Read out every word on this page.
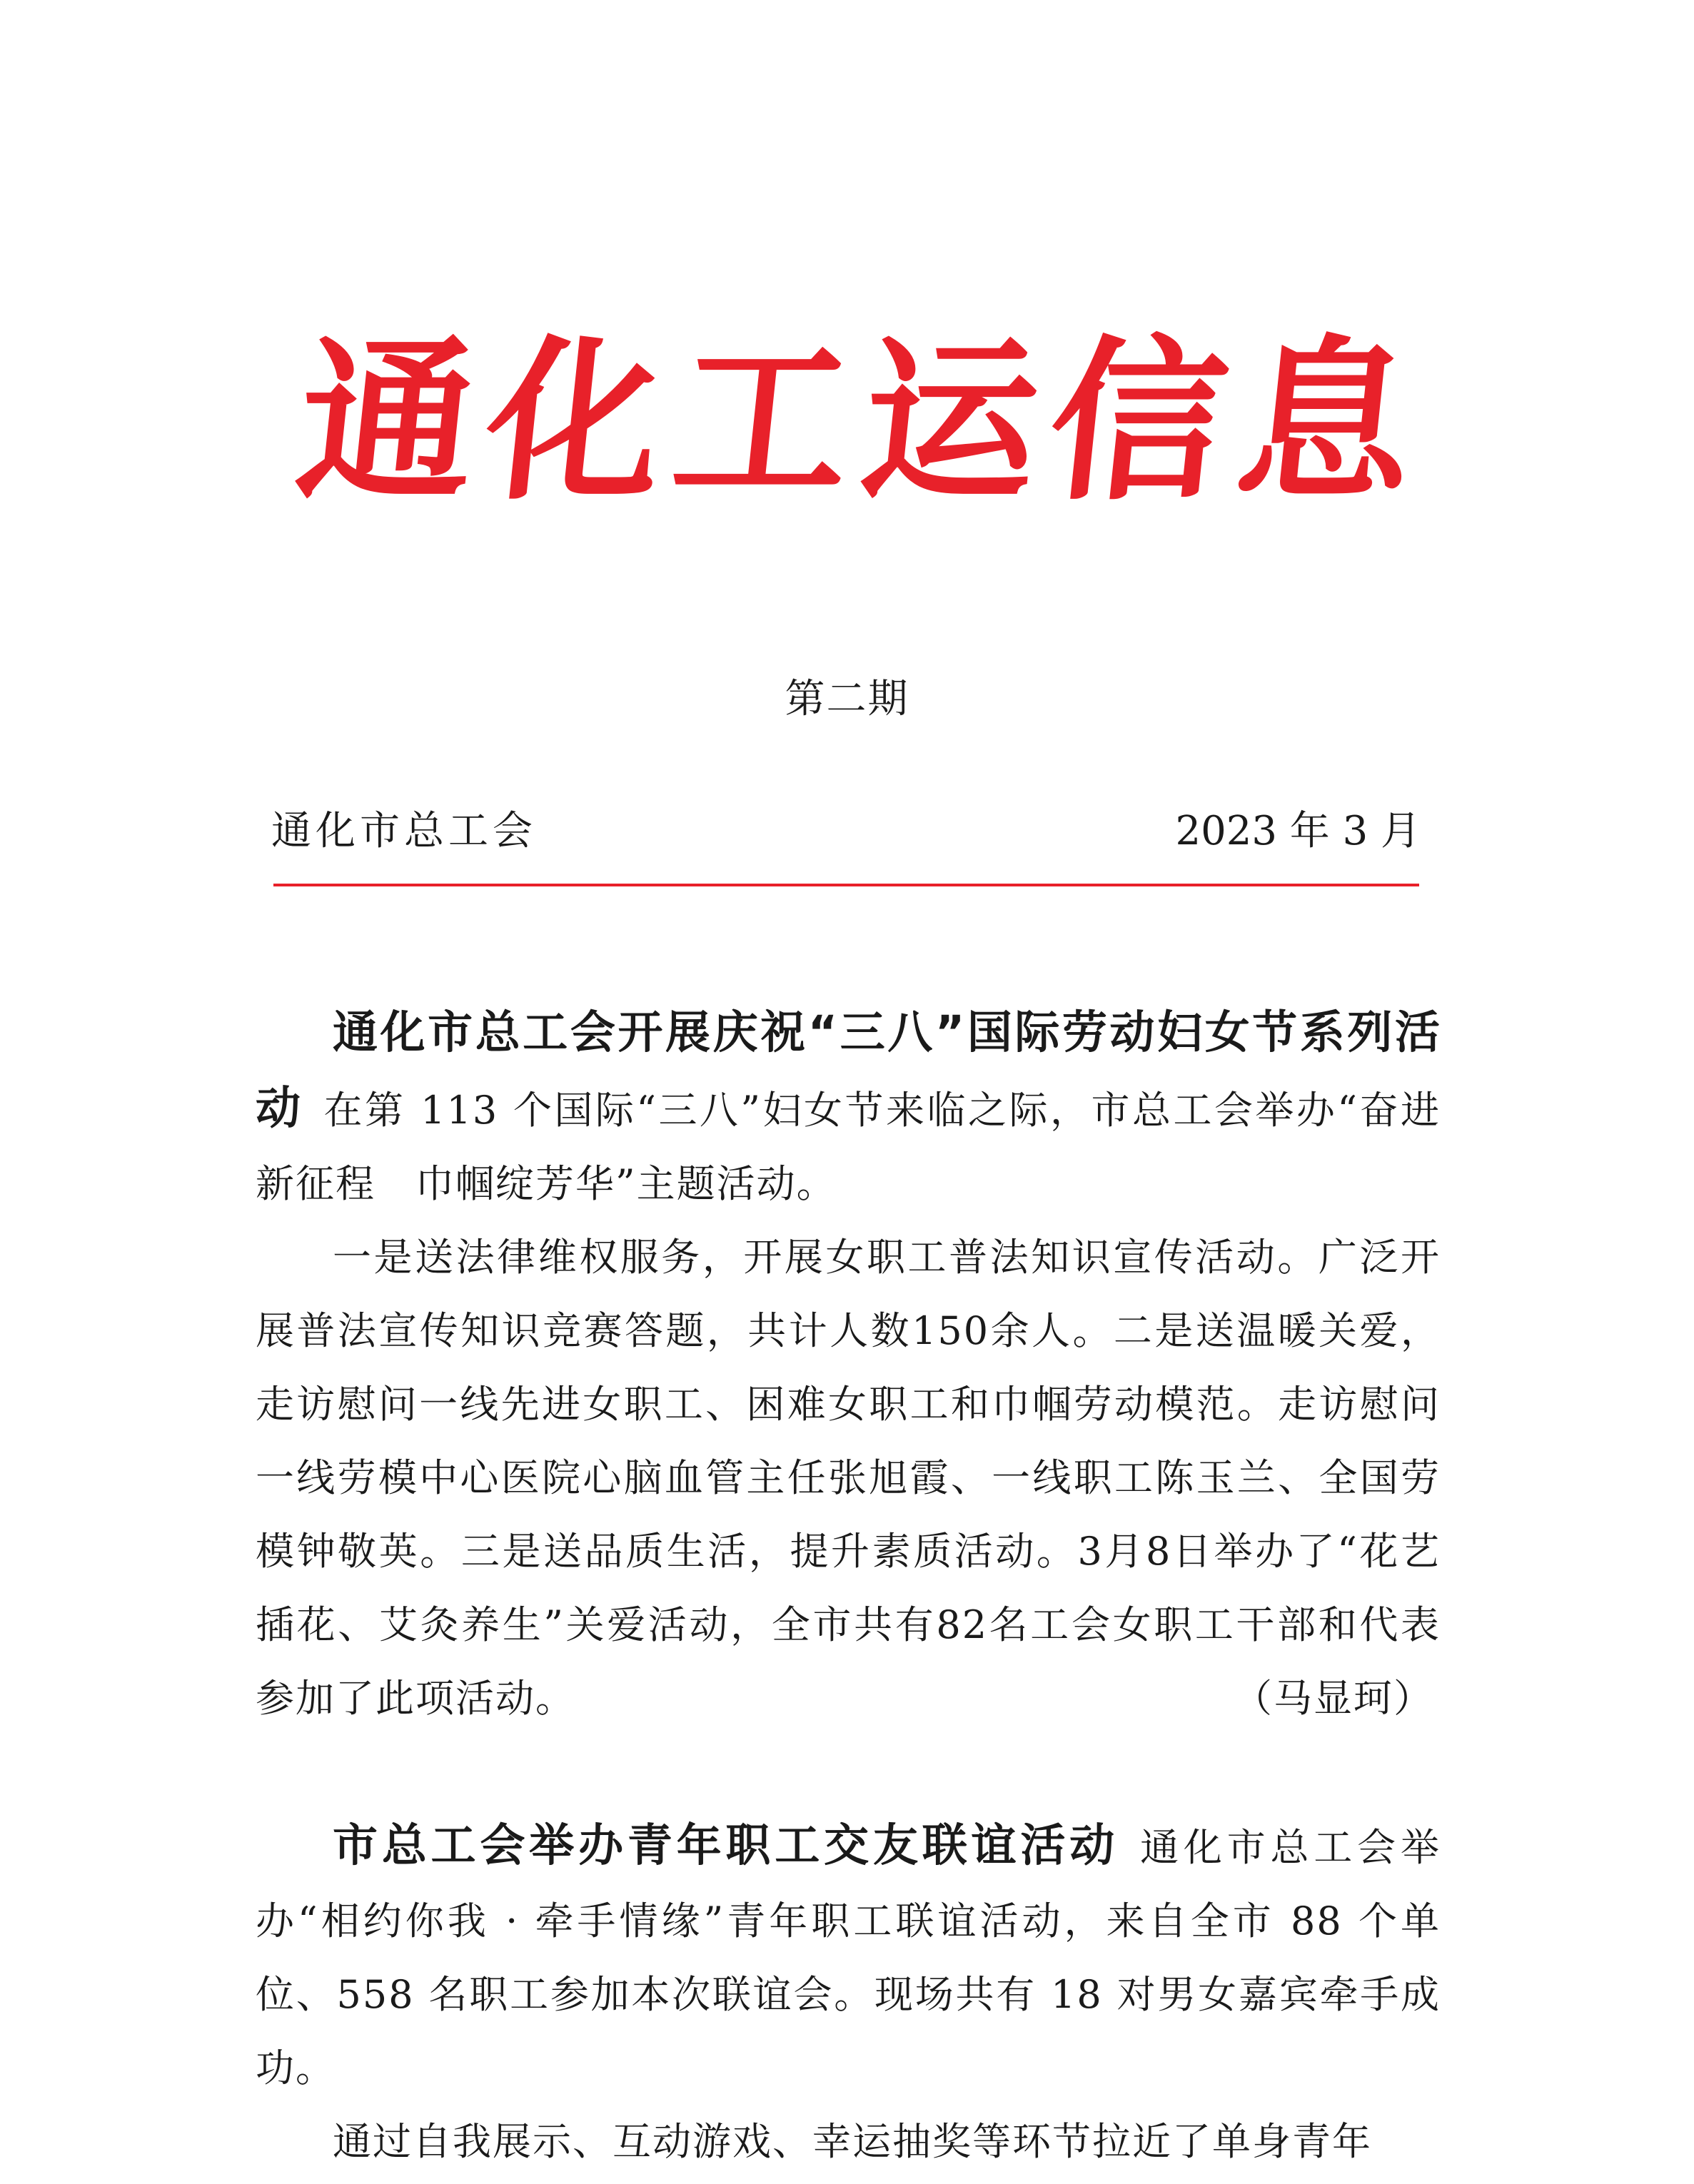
通
化
工
运
信
息
第二期
通化市总工会	2023 年 3 月

通化市总工会开展庆祝“三八”国际劳动妇女节系列活动 在第 113 个国际“三八”妇女节来临之际，市总工会举办“奋进新征程　巾帼绽芳华”主题活动。

一是送法律维权服务，开展女职工普法知识宣传活动。广泛开展普法宣传知识竞赛答题，共计人数150余人。二是送温暖关爱，走访慰问一线先进女职工、困难女职工和巾帼劳动模范。走访慰问一线劳模中心医院心脑血管主任张旭霞、一线职工陈玉兰、全国劳模钟敬英。三是送品质生活，提升素质活动。3月8日举办了“花艺插花、艾灸养生”关爱活动，全市共有82名工会女职工干部和代表参加了此项活动。	（马显珂）

市总工会举办青年职工交友联谊活动 通化市总工会举办“相约你我 · 牵手情缘”青年职工联谊活动，来自全市 88 个单位、558 名职工参加本次联谊会。现场共有 18 对男女嘉宾牵手成功。

通过自我展示、互动游戏、幸运抽奖等环节拉近了单身青年
